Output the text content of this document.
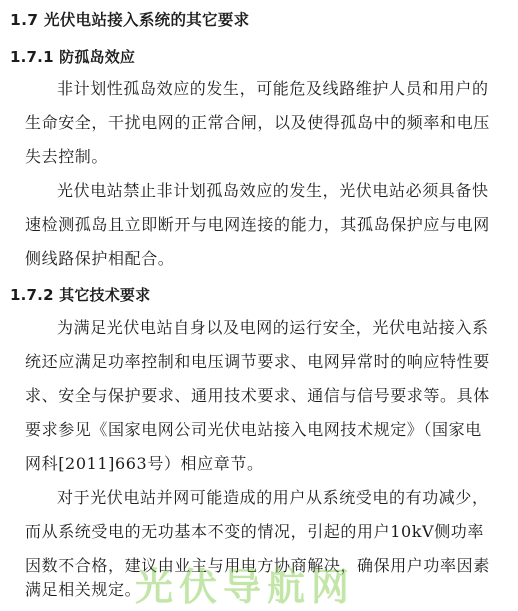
1.7 光伏电站接入系统的其它要求
1.7.1 防孤岛效应
非计划性孤岛效应的发生，可能危及线路维护人员和用户的
生命安全，干扰电网的正常合闸，以及使得孤岛中的频率和电压
失去控制。
光伏电站禁止非计划孤岛效应的发生，光伏电站必须具备快
速检测孤岛且立即断开与电网连接的能力，其孤岛保护应与电网
侧线路保护相配合。
1.7.2 其它技术要求
为满足光伏电站自身以及电网的运行安全，光伏电站接入系
统还应满足功率控制和电压调节要求、电网异常时的响应特性要
求、安全与保护要求、通用技术要求、通信与信号要求等。具体
要求参见《国家电网公司光伏电站接入电网技术规定》（国家电
网科[2011]663号）相应章节。
对于光伏电站并网可能造成的用户从系统受电的有功减少，
而从系统受电的无功基本不变的情况，引起的用户10kV侧功率
因数不合格，建议由业主与用电方协商解决，确保用户功率因素
满足相关规定。
光伏导航网
